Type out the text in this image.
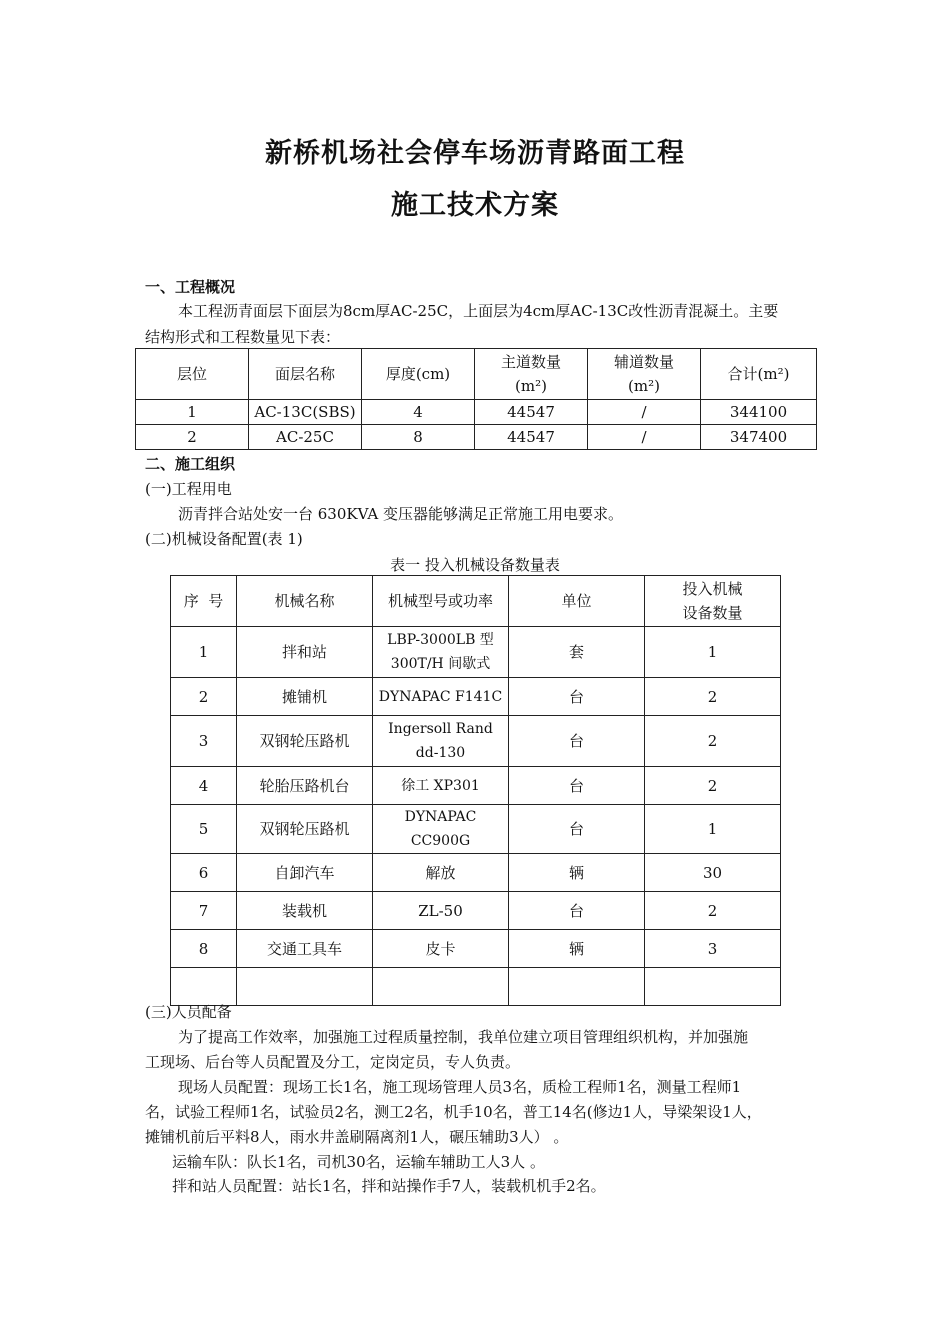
新桥机场社会停车场沥青路面工程
施工技术方案
一、工程概况
本工程沥青面层下面层为8cm厚AC-25C，上面层为4cm厚AC-13C改性沥青混凝土。主要
结构形式和工程数量见下表：
层位	面层名称	厚度(cm)	主道数量
(m²)	辅道数量
(m²)	合计(m²)
1	AC-13C(SBS)	4	44547	/	344100
2	AC-25C	8	44547	/	347400
二、施工组织
(一)工程用电
沥青拌合站处安一台 630KVA 变压器能够满足正常施工用电要求。
(二)机械设备配置(表 1)
表一 投入机械设备数量表
序  号	机械名称	机械型号或功率	单位	投入机械
设备数量
1	拌和站	LBP-3000LB 型
300T/H 间歇式	套	1
2	摊铺机	DYNAPAC F141C	台	2
3	双钢轮压路机	Ingersoll Rand
dd-130	台	2
4	轮胎压路机台	徐工 XP301	台	2
5	双钢轮压路机	DYNAPAC CC900G	台	1
6	自卸汽车	解放	辆	30
7	装载机	ZL-50	台	2
8	交通工具车	皮卡	辆	3

(三)人员配备
为了提高工作效率，加强施工过程质量控制，我单位建立项目管理组织机构，并加强施
工现场、后台等人员配置及分工，定岗定员，专人负责。
现场人员配置：现场工长1名，施工现场管理人员3名，质检工程师1名，测量工程师1
名，试验工程师1名，试验员2名，测工2名，机手10名，普工14名(修边1人，导梁架设1人，
摊铺机前后平料8人，雨水井盖刷隔离剂1人，碾压辅助3人） 。
运输车队：队长1名，司机30名，运输车辅助工人3人 。
拌和站人员配置：站长1名，拌和站操作手7人，装载机机手2名。
